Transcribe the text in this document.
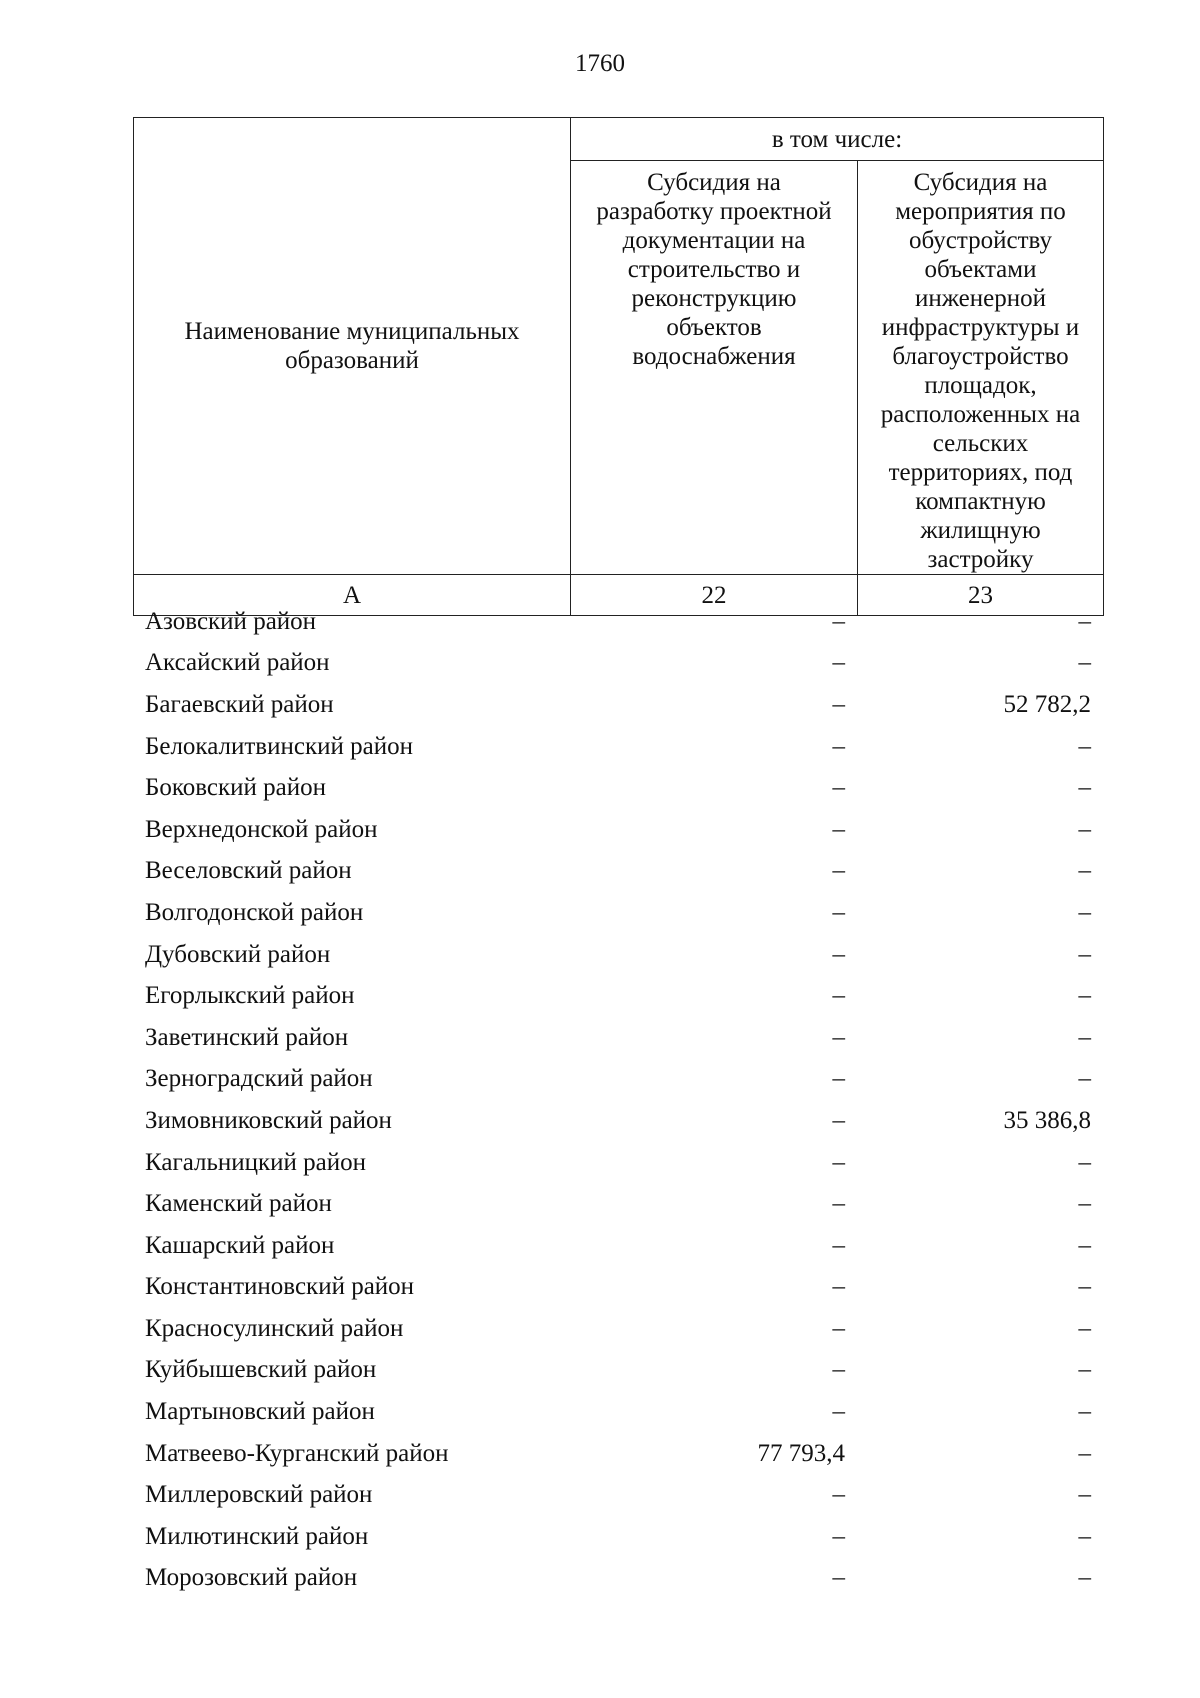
1760
Наименование муниципальных образований	в том числе:	

	Субсидия на разработку проектной документации на строительство и реконструкцию объектов водоснабжения	Субсидия на мероприятия по обустройству объектами инженерной инфраструктуры и благоустройство площадок, расположенных на сельских территориях, под компактную жилищную застройку

А	22	23
Азовский район	–	–
Аксайский район	–	–
Багаевский район	–	52 782,2
Белокалитвинский район	–	–
Боковский район	–	–
Верхнедонской район	–	–
Веселовский район	–	–
Волгодонской район	–	–
Дубовский район	–	–
Егорлыкский район	–	–
Заветинский район	–	–
Зерноградский район	–	–
Зимовниковский район	–	35 386,8
Кагальницкий район	–	–
Каменский район	–	–
Кашарский район	–	–
Константиновский район	–	–
Красносулинский район	–	–
Куйбышевский район	–	–
Мартыновский район	–	–
Матвеево-Курганский район	77 793,4	–
Миллеровский район	–	–
Милютинский район	–	–
Морозовский район	–	–
